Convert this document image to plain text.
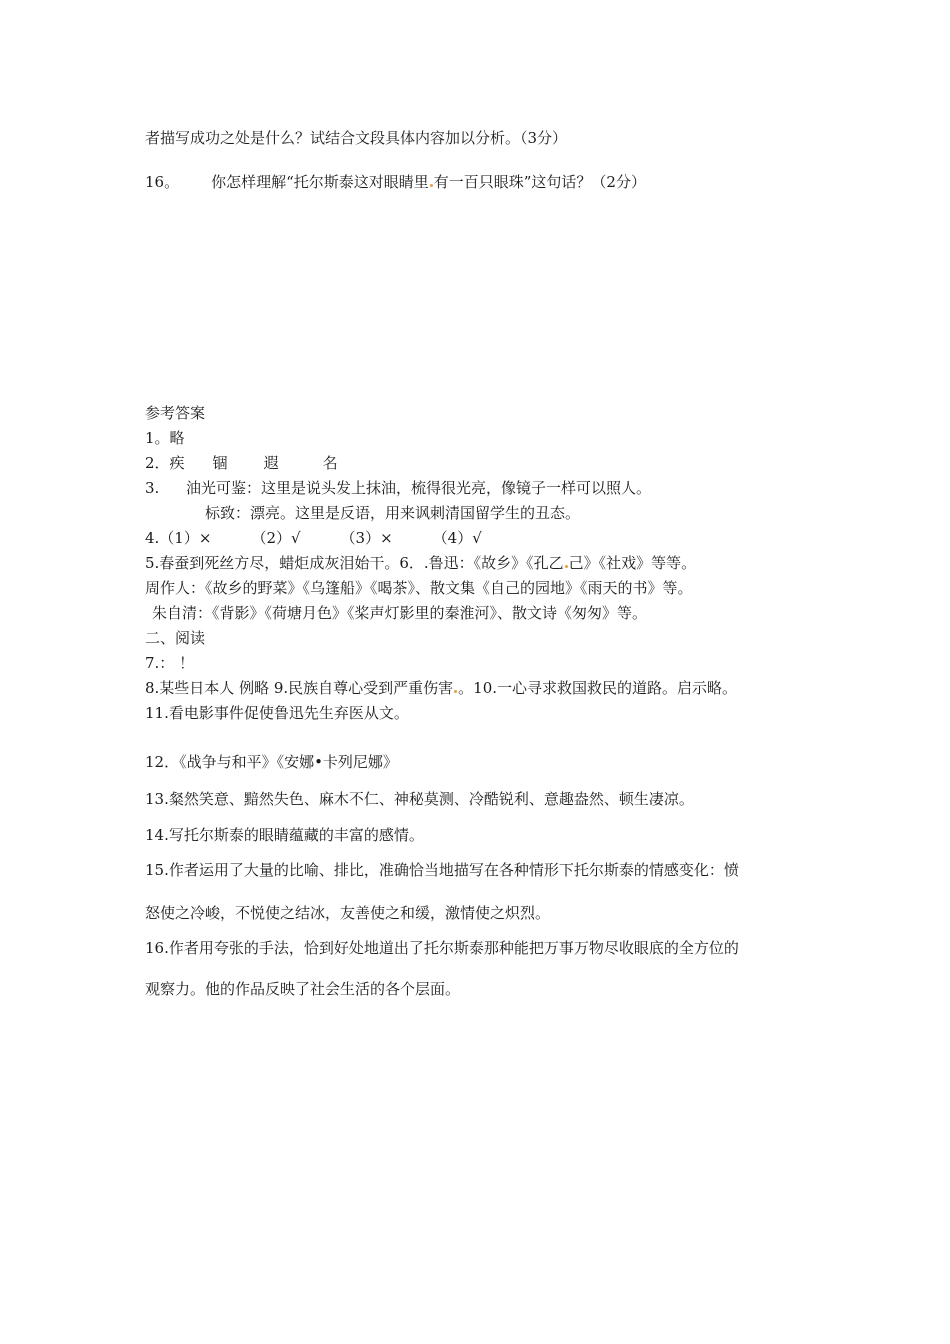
者描写成功之处是什么？试结合文段具体内容加以分析。（3分）
16。 你怎样理解“托尔斯泰这对眼睛里 有一百只眼珠”这句话？（2分）
参考答案
1。略
2．疾 锢 遐	名
3. 油光可鉴：这里是说头发上抹油，梳得很光亮，像镜子一样可以照人。
标致：漂亮。这里是反语，用来讽刺清国留学生的丑态。
4.（1）×	（2）√	（3）×	（4）√
5.春蚕到死丝方尽，蜡炬成灰泪始干。6．.鲁迅：《故乡》《孔乙 己》《社戏》等等。
周作人：《故乡的野菜》《乌篷船》《喝茶》、散文集《自己的园地》《雨天的书》等。
朱自清：《背影》《荷塘月色》《桨声灯影里的秦淮河》、散文诗《匆匆》等。
二、阅读
7.： ！
8.某些日本人 例略 9.民族自尊心受到严重伤害 。10.一心寻求救国救民的道路。启示略。
11.看电影事件促使鲁迅先生弃医从文。
12．《战争与和平》《安娜•卡列尼娜》
13.粲然笑意、黯然失色、麻木不仁、神秘莫测、冷酷锐利、意趣盎然、顿生凄凉。
14.写托尔斯泰的眼睛蕴藏的丰富的感情。
15.作者运用了大量的比喻、排比，准确恰当地描写在各种情形下托尔斯泰的情感变化：愤
怒使之冷峻，不悦使之结冰，友善使之和缓，激情使之炽烈。
16.作者用夸张的手法，恰到好处地道出了托尔斯泰那种能把万事万物尽收眼底的全方位的
观察力。他的作品反映了社会生活的各个层面。
